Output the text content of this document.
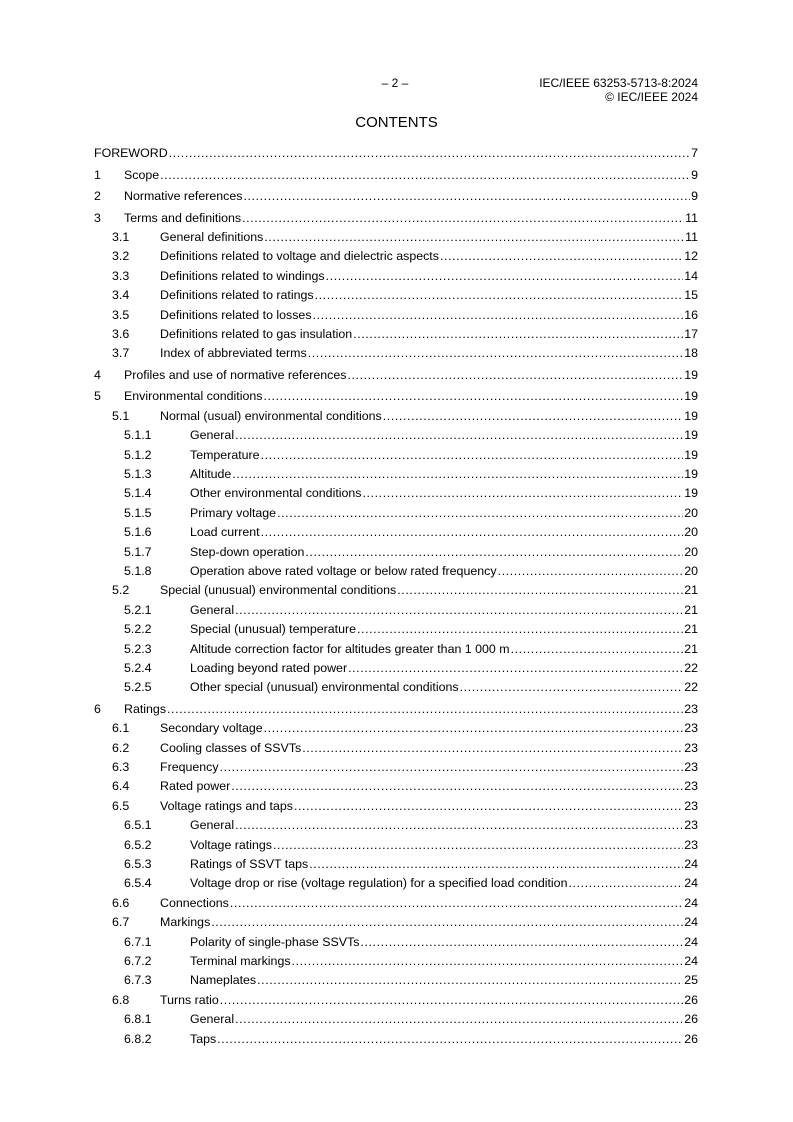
– 2 –	IEC/IEEE 63253-5713-8:2024
© IEC/IEEE 2024
CONTENTS
FOREWORD .....	7
1	Scope .....	9
2	Normative references .....	9
3	Terms and definitions .....	11
3.1	General definitions .....	11
3.2	Definitions related to voltage and dielectric aspects .....	12
3.3	Definitions related to windings .....	14
3.4	Definitions related to ratings .....	15
3.5	Definitions related to losses .....	16
3.6	Definitions related to gas insulation .....	17
3.7	Index of abbreviated terms .....	18
4	Profiles and use of normative references .....	19
5	Environmental conditions .....	19
5.1	Normal (usual) environmental conditions .....	19
5.1.1	General .....	19
5.1.2	Temperature .....	19
5.1.3	Altitude .....	19
5.1.4	Other environmental conditions .....	19
5.1.5	Primary voltage .....	20
5.1.6	Load current .....	20
5.1.7	Step-down operation .....	20
5.1.8	Operation above rated voltage or below rated frequency .....	20
5.2	Special (unusual) environmental conditions .....	21
5.2.1	General .....	21
5.2.2	Special (unusual) temperature .....	21
5.2.3	Altitude correction factor for altitudes greater than 1 000 m .....	21
5.2.4	Loading beyond rated power .....	22
5.2.5	Other special (unusual) environmental conditions .....	22
6	Ratings .....	23
6.1	Secondary voltage .....	23
6.2	Cooling classes of SSVTs .....	23
6.3	Frequency .....	23
6.4	Rated power .....	23
6.5	Voltage ratings and taps .....	23
6.5.1	General .....	23
6.5.2	Voltage ratings .....	23
6.5.3	Ratings of SSVT taps .....	24
6.5.4	Voltage drop or rise (voltage regulation) for a specified load condition .....	24
6.6	Connections .....	24
6.7	Markings .....	24
6.7.1	Polarity of single-phase SSVTs .....	24
6.7.2	Terminal markings .....	24
6.7.3	Nameplates .....	25
6.8	Turns ratio .....	26
6.8.1	General .....	26
6.8.2	Taps .....	26
